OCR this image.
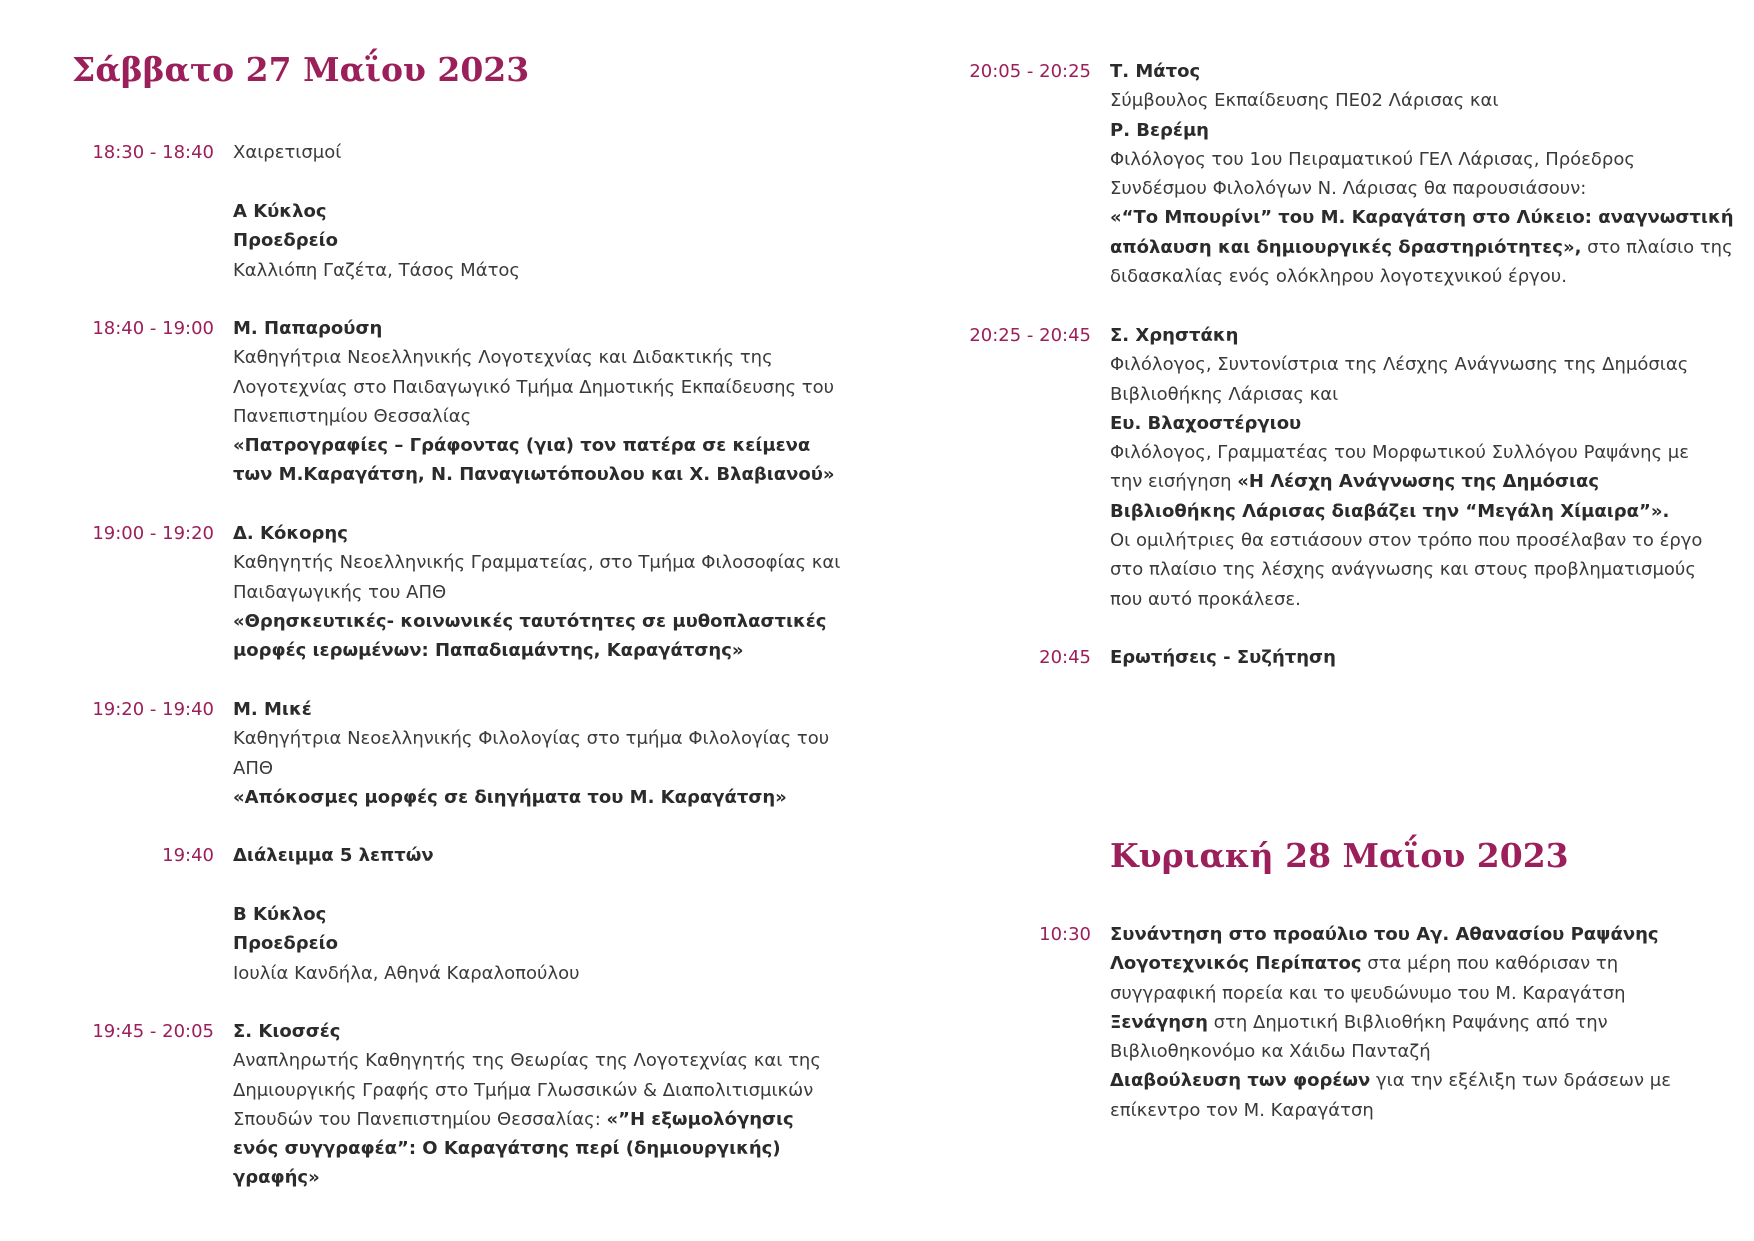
Σάββατο 27 Μαΐου 2023
18:30 - 18:40 Χαιρετισμοί
Α Κύκλος
Προεδρείο
Καλλιόπη Γαζέτα, Τάσος Μάτος
18:40 - 19:00 Μ. Παπαρούση
Καθηγήτρια Νεοελληνικής Λογοτεχνίας και Διδακτικής της
Λογοτεχνίας στο Παιδαγωγικό Τμήμα Δημοτικής Εκπαίδευσης του
Πανεπιστημίου Θεσσαλίας
«Πατρογραφίες – Γράφοντας (για) τον πατέρα σε κείμενα
των Μ.Καραγάτση, Ν. Παναγιωτόπουλου και Χ. Βλαβιανού»
19:00 - 19:20 Δ. Κόκορης
Καθηγητής Νεοελληνικής Γραμματείας, στο Τμήμα Φιλοσοφίας και
Παιδαγωγικής του ΑΠΘ
«Θρησκευτικές- κοινωνικές ταυτότητες σε μυθοπλαστικές
μορφές ιερωμένων: Παπαδιαμάντης, Καραγάτσης»
19:20 - 19:40 Μ. Μικέ
Καθηγήτρια Νεοελληνικής Φιλολογίας στο τμήμα Φιλολογίας του
ΑΠΘ
«Απόκοσμες μορφές σε διηγήματα του Μ. Καραγάτση»
19:40 Διάλειμμα 5 λεπτών
Β Κύκλος
Προεδρείο
Ιουλία Κανδήλα, Αθηνά Καραλοπούλου
19:45 - 20:05 Σ. Κιοσσές
Αναπληρωτής Καθηγητής της Θεωρίας της Λογοτεχνίας και της
Δημιουργικής Γραφής στο Τμήμα Γλωσσικών & Διαπολιτισμικών
Σπουδών του Πανεπιστημίου Θεσσαλίας: «”Η εξωμολόγησις
ενός συγγραφέα”: Ο Καραγάτσης περί (δημιουργικής)
γραφής»
20:05 - 20:25 Τ. Μάτος
Σύμβουλος Εκπαίδευσης ΠΕ02 Λάρισας και
Ρ. Βερέμη
Φιλόλογος του 1ου Πειραματικού ΓΕΛ Λάρισας, Πρόεδρος
Συνδέσμου Φιλολόγων Ν. Λάρισας θα παρουσιάσουν:
«“Το Μπουρίνι” του Μ. Καραγάτση στο Λύκειο: αναγνωστική
απόλαυση και δημιουργικές δραστηριότητες», στο πλαίσιο της
διδασκαλίας ενός ολόκληρου λογοτεχνικού έργου.
20:25 - 20:45 Σ. Χρηστάκη
Φιλόλογος, Συντονίστρια της Λέσχης Ανάγνωσης της Δημόσιας
Βιβλιοθήκης Λάρισας και
Ευ. Βλαχοστέργιου
Φιλόλογος, Γραμματέας του Μορφωτικού Συλλόγου Ραψάνης με
την εισήγηση «Η Λέσχη Ανάγνωσης της Δημόσιας
Βιβλιοθήκης Λάρισας διαβάζει την “Μεγάλη Χίμαιρα”».
Οι ομιλήτριες θα εστιάσουν στον τρόπο που προσέλαβαν το έργο
στο πλαίσιο της λέσχης ανάγνωσης και στους προβληματισμούς
που αυτό προκάλεσε.
20:45 Ερωτήσεις - Συζήτηση
Κυριακή 28 Μαΐου 2023
10:30 Συνάντηση στο προαύλιο του Αγ. Αθανασίου Ραψάνης
Λογοτεχνικός Περίπατος στα μέρη που καθόρισαν τη
συγγραφική πορεία και το ψευδώνυμο του Μ. Καραγάτση
Ξενάγηση στη Δημοτική Βιβλιοθήκη Ραψάνης από την
Βιβλιοθηκονόμο κα Χάιδω Πανταζή
Διαβούλευση των φορέων για την εξέλιξη των δράσεων με
επίκεντρο τον Μ. Καραγάτση
